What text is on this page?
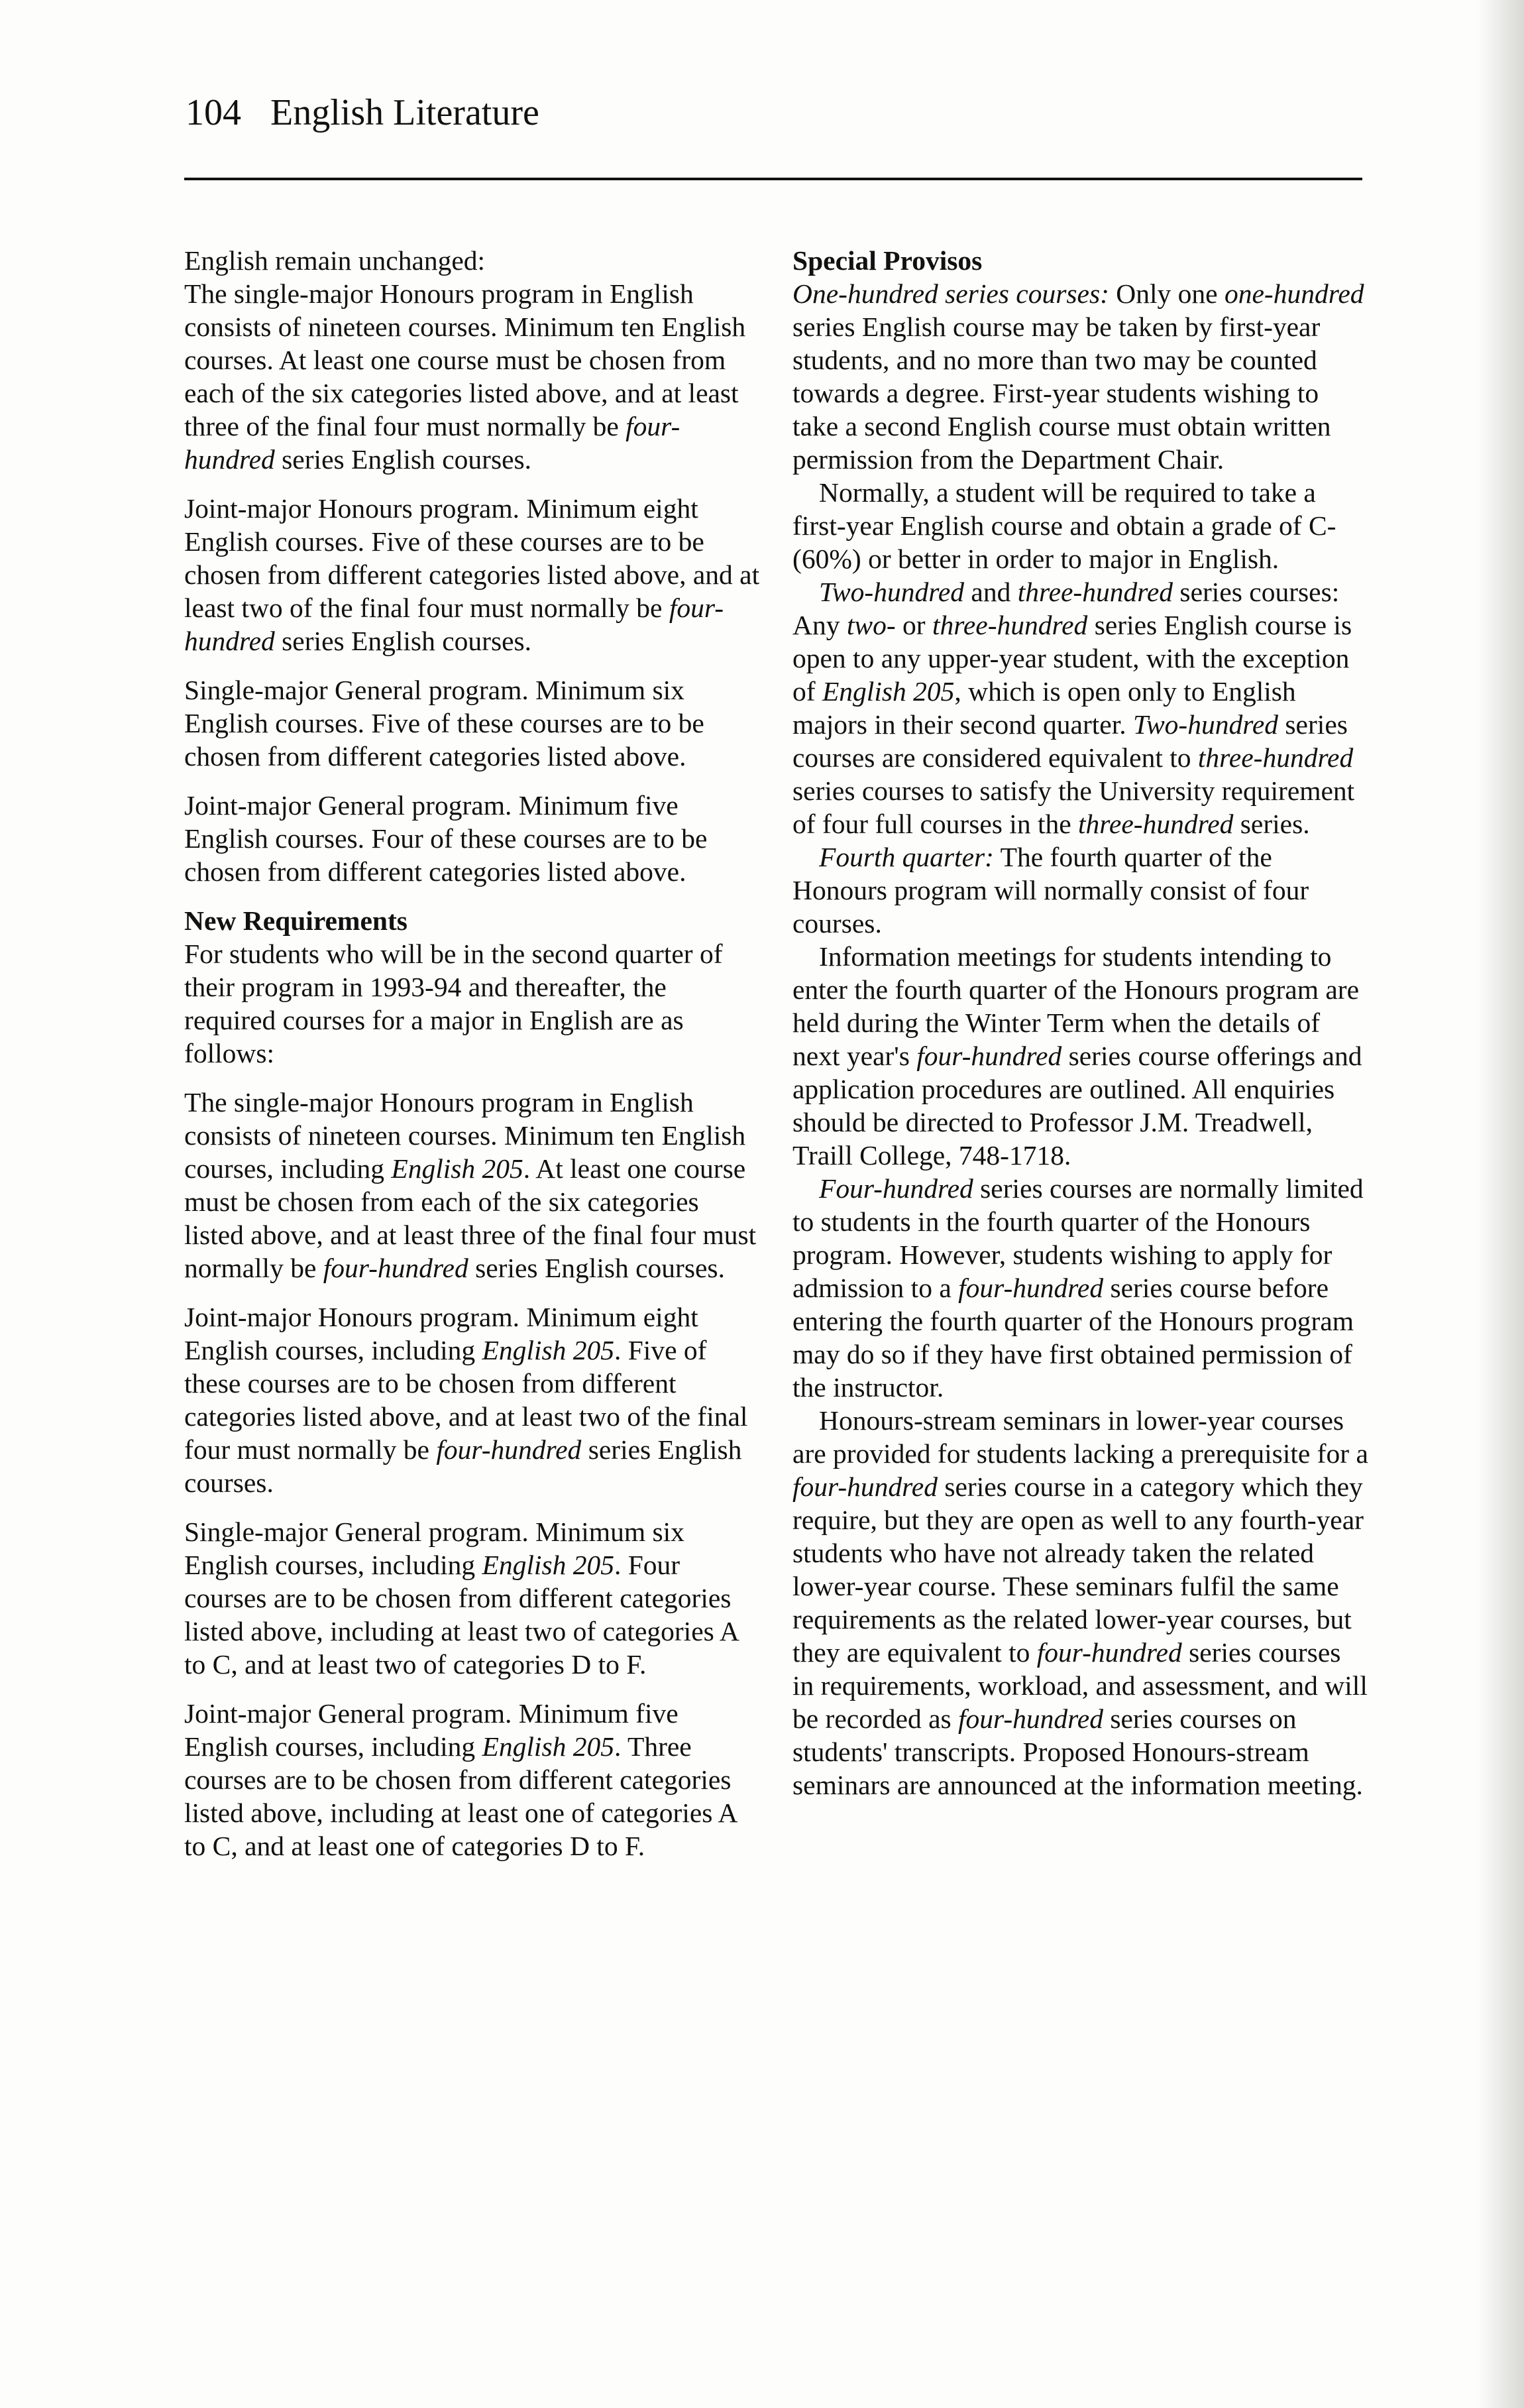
104 English Literature

English remain unchanged:
The single-major Honours program in English consists of nineteen courses. Minimum ten English courses. At least one course must be chosen from each of the six categories listed above, and at least three of the final four must normally be four-hundred series English courses.

Joint-major Honours program. Minimum eight English courses. Five of these courses are to be chosen from different categories listed above, and at least two of the final four must normally be four-hundred series English courses.

Single-major General program. Minimum six English courses. Five of these courses are to be chosen from different categories listed above.

Joint-major General program. Minimum five English courses. Four of these courses are to be chosen from different categories listed above.

New Requirements

For students who will be in the second quarter of their program in 1993-94 and thereafter, the required courses for a major in English are as follows:

The single-major Honours program in English consists of nineteen courses. Minimum ten English courses, including English 205. At least one course must be chosen from each of the six categories listed above, and at least three of the final four must normally be four-hundred series English courses.

Joint-major Honours program. Minimum eight English courses, including English 205. Five of these courses are to be chosen from different categories listed above, and at least two of the final four must normally be four-hundred series English courses.

Single-major General program. Minimum six English courses, including English 205. Four courses are to be chosen from different categories listed above, including at least two of categories A to C, and at least two of categories D to F.

Joint-major General program. Minimum five English courses, including English 205. Three courses are to be chosen from different categories listed above, including at least one of categories A to C, and at least one of categories D to F.

Special Provisos

One-hundred series courses: Only one one-hundred series English course may be taken by first-year students, and no more than two may be counted towards a degree. First-year students wishing to take a second English course must obtain written permission from the Department Chair.

Normally, a student will be required to take a first-year English course and obtain a grade of C- (60%) or better in order to major in English.

Two-hundred and three-hundred series courses: Any two- or three-hundred series English course is open to any upper-year student, with the exception of English 205, which is open only to English majors in their second quarter. Two-hundred series courses are considered equivalent to three-hundred series courses to satisfy the University requirement of four full courses in the three-hundred series.

Fourth quarter: The fourth quarter of the Honours program will normally consist of four courses.

Information meetings for students intending to enter the fourth quarter of the Honours program are held during the Winter Term when the details of next year's four-hundred series course offerings and application procedures are outlined. All enquiries should be directed to Professor J.M. Treadwell, Traill College, 748-1718.

Four-hundred series courses are normally limited to students in the fourth quarter of the Honours program. However, students wishing to apply for admission to a four-hundred series course before entering the fourth quarter of the Honours program may do so if they have first obtained permission of the instructor.

Honours-stream seminars in lower-year courses are provided for students lacking a prerequisite for a four-hundred series course in a category which they require, but they are open as well to any fourth-year students who have not already taken the related lower-year course. These seminars fulfil the same requirements as the related lower-year courses, but they are equivalent to four-hundred series courses in requirements, workload, and assessment, and will be recorded as four-hundred series courses on students' transcripts. Proposed Honours-stream seminars are announced at the information meeting.
